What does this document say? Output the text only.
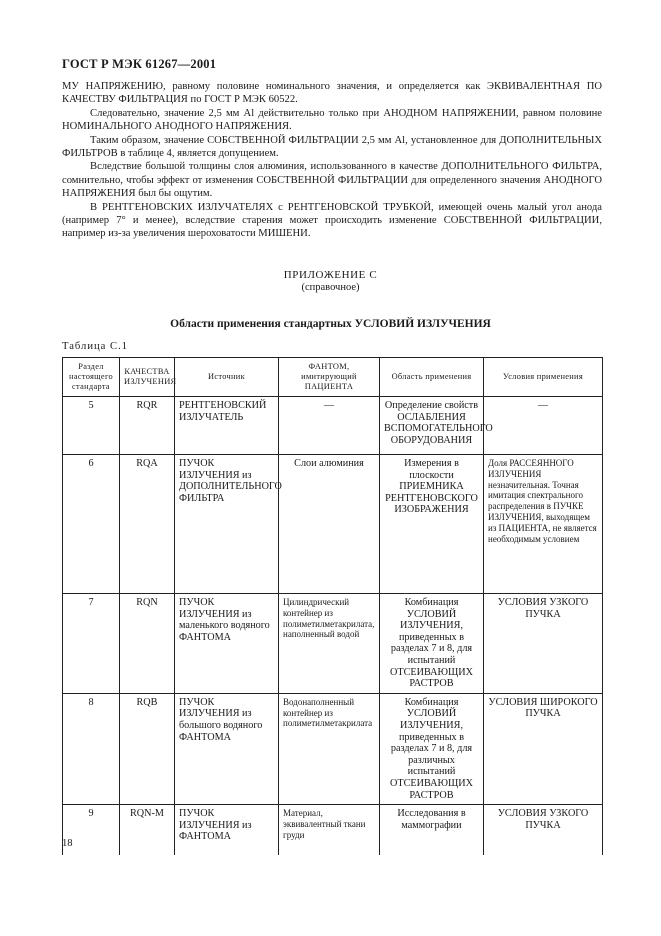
ГОСТ Р МЭК 61267—2001

МУ НАПРЯЖЕНИЮ, равному половине номинального значения, и определяется как ЭКВИВАЛЕНТНАЯ ПО КАЧЕСТВУ ФИЛЬТРАЦИЯ по ГОСТ Р МЭК 60522.

Следовательно, значение 2,5 мм Al действительно только при АНОДНОМ НАПРЯЖЕНИИ, равном половине НОМИНАЛЬНОГО АНОДНОГО НАПРЯЖЕНИЯ.

Таким образом, значение СОБСТВЕННОЙ ФИЛЬТРАЦИИ 2,5 мм Al, установленное для ДОПОЛНИТЕЛЬНЫХ ФИЛЬТРОВ в таблице 4, является допущением.

Вследствие большой толщины слоя алюминия, использованного в качестве ДОПОЛНИТЕЛЬНОГО ФИЛЬТРА, сомнительно, чтобы эффект от изменения СОБСТВЕННОЙ ФИЛЬТРАЦИИ для определенного значения АНОДНОГО НАПРЯЖЕНИЯ был бы ощутим.

В РЕНТГЕНОВСКИХ ИЗЛУЧАТЕЛЯХ с РЕНТГЕНОВСКОЙ ТРУБКОЙ, имеющей очень малый угол анода (например 7° и менее), вследствие старения может происходить изменение СОБСТВЕННОЙ ФИЛЬТРАЦИИ, например из-за увеличения шероховатости МИШЕНИ.

ПРИЛОЖЕНИЕ С
(справочное)
Области применения стандартных УСЛОВИЙ ИЗЛУЧЕНИЯ
Таблица С.1
Раздел настоящего стандарта	КАЧЕСТВА ИЗЛУЧЕНИЯ	Источник	ФАНТОМ, имитирующий ПАЦИЕНТА	Область применения	Условия применения
5	RQR	РЕНТГЕНОВСКИЙ ИЗЛУЧАТЕЛЬ	—	Определение свойств ОСЛАБЛЕНИЯ ВСПОМОГАТЕЛЬНОГО ОБОРУДОВАНИЯ	—
6	RQA	ПУЧОК ИЗЛУЧЕНИЯ из ДОПОЛНИТЕЛЬНОГО ФИЛЬТРА	Слои алюминия	Измерения в плоскости ПРИЕМНИКА РЕНТГЕНОВСКОГО ИЗОБРАЖЕНИЯ	Доля РАССЕЯННОГО ИЗЛУЧЕНИЯ незначительная. Точная имитация спектрального распределения в ПУЧКЕ ИЗЛУЧЕНИЯ, выходящем из ПАЦИЕНТА, не является необходимым условием
7	RQN	ПУЧОК ИЗЛУЧЕНИЯ из маленького водяного ФАНТОМА	Цилиндрический контейнер из полиметилметакрилата, наполненный водой	Комбинация УСЛОВИЙ ИЗЛУЧЕНИЯ, приведенных в разделах 7 и 8, для испытаний ОТСЕИВАЮЩИХ РАСТРОВ	УСЛОВИЯ УЗКОГО ПУЧКА
8	RQB	ПУЧОК ИЗЛУЧЕНИЯ из большого водяного ФАНТОМА	Водонаполненный контейнер из полиметилметакрилата	Комбинация УСЛОВИЙ ИЗЛУЧЕНИЯ, приведенных в разделах 7 и 8, для различных испытаний ОТСЕИВАЮЩИХ РАСТРОВ	УСЛОВИЯ ШИРОКОГО ПУЧКА
9	RQN-M	ПУЧОК ИЗЛУЧЕНИЯ из ФАНТОМА	Материал, эквивалентный ткани груди	Исследования в маммографии	УСЛОВИЯ УЗКОГО ПУЧКА
18
